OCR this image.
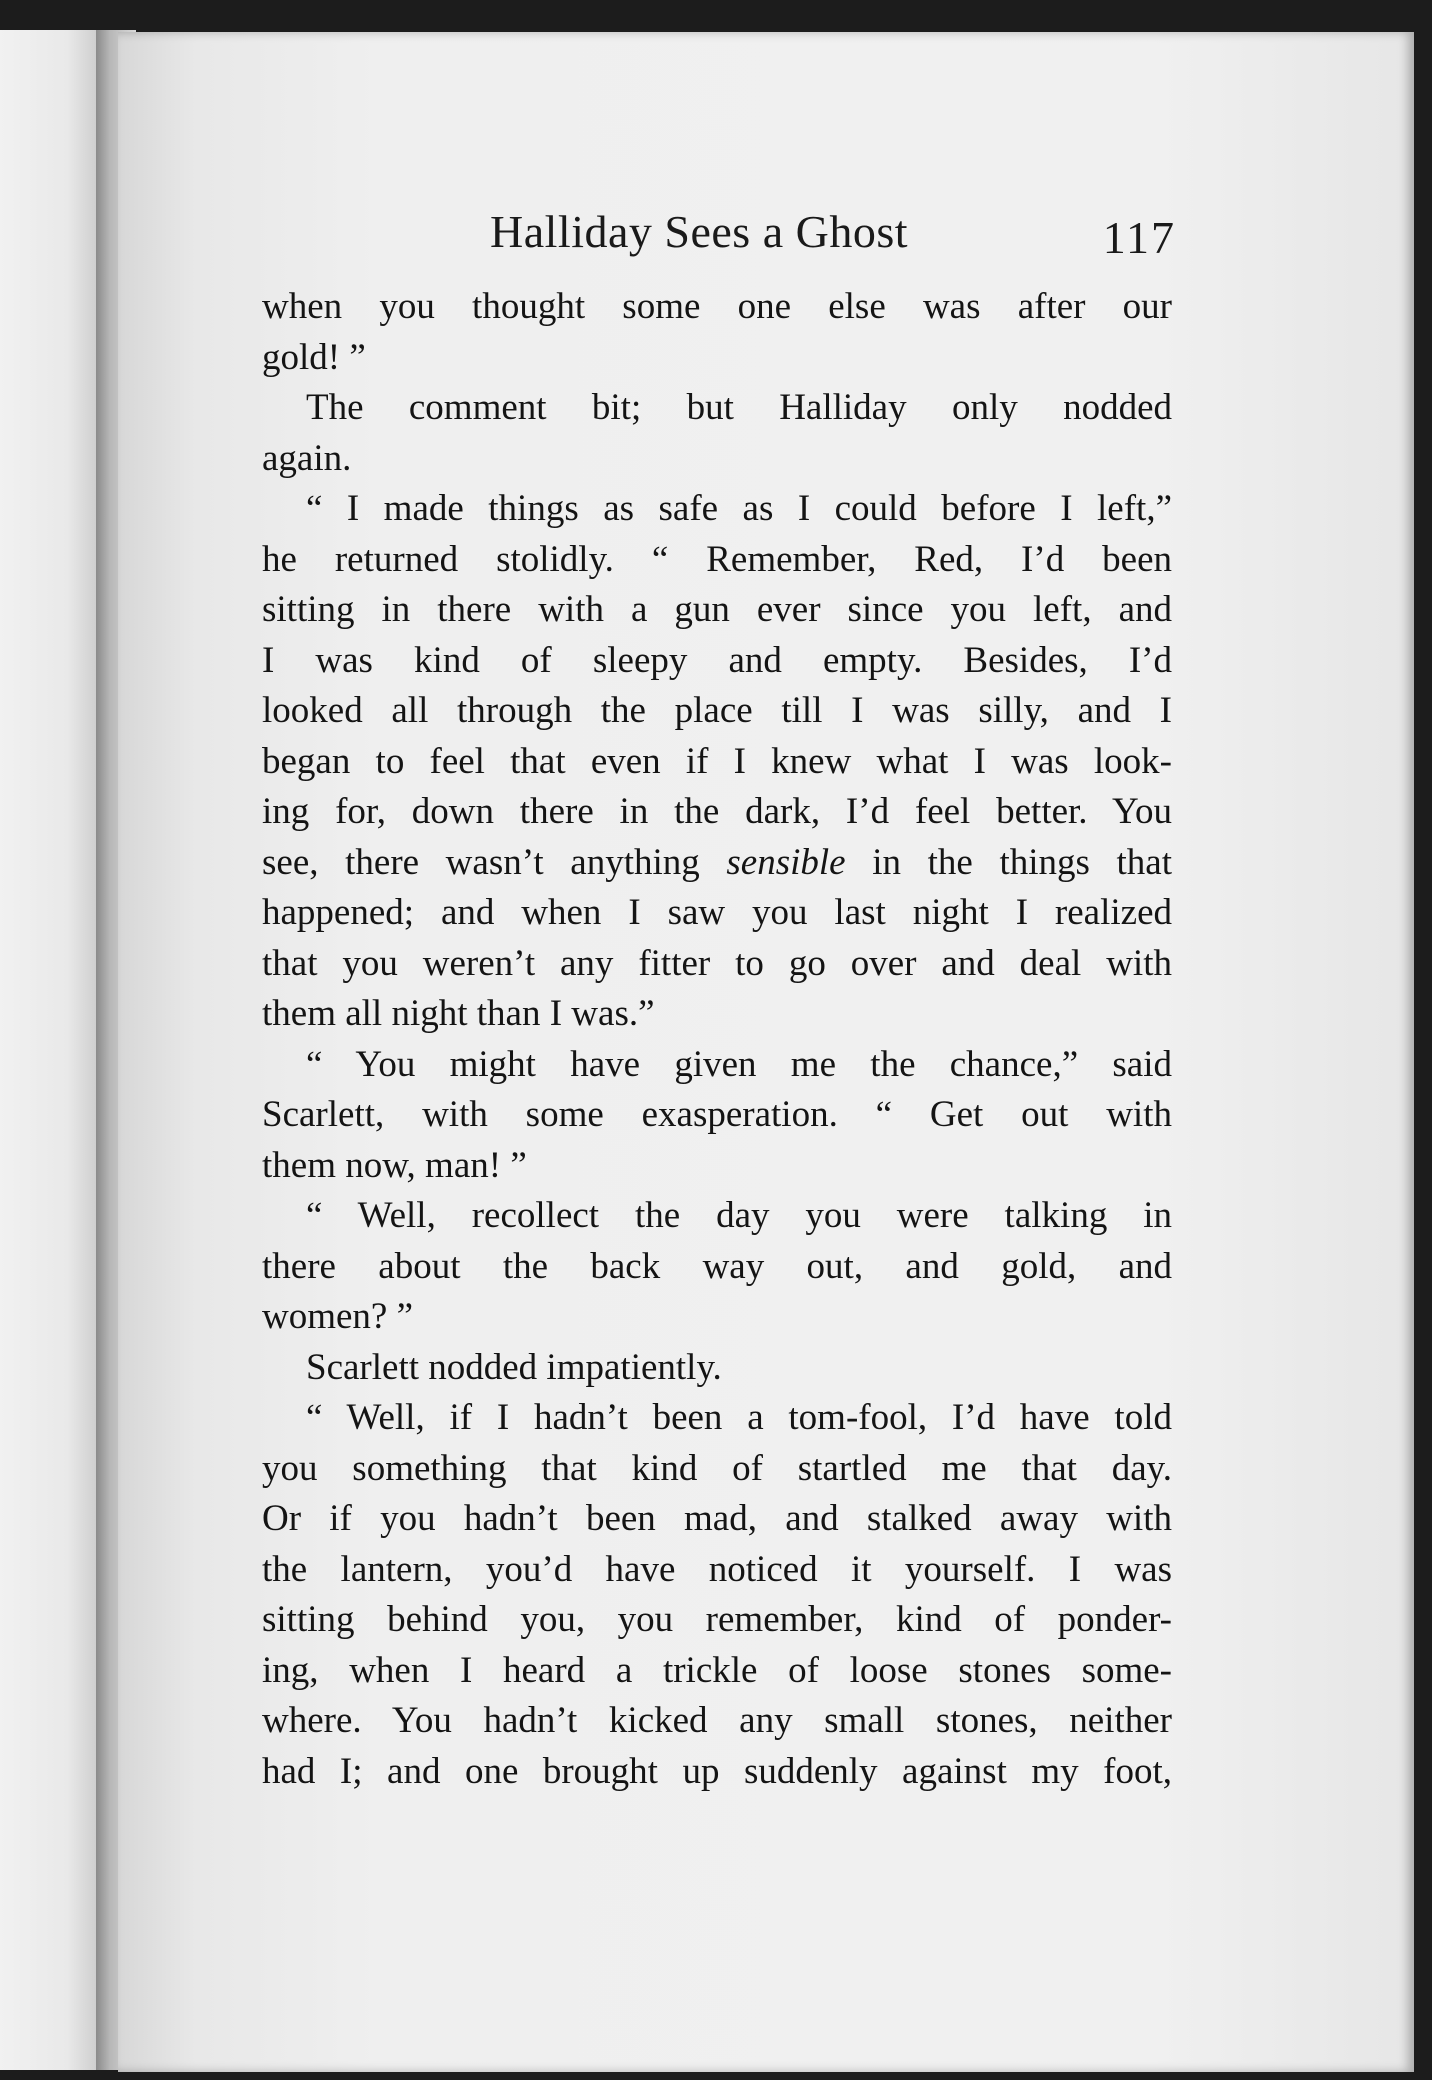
Halliday Sees a Ghost	117
when you thought some one else was after our
gold! ”
The comment bit; but Halliday only nodded
again.
“ I made things as safe as I could before I left,”
he returned stolidly. “ Remember, Red, I’d been
sitting in there with a gun ever since you left, and
I was kind of sleepy and empty. Besides, I’d
looked all through the place till I was silly, and I
began to feel that even if I knew what I was look-
ing for, down there in the dark, I’d feel better. You
see, there wasn’t anything sensible in the things that
happened; and when I saw you last night I realized
that you weren’t any fitter to go over and deal with
them all night than I was.”
“ You might have given me the chance,” said
Scarlett, with some exasperation. “ Get out with
them now, man! ”
“ Well, recollect the day you were talking in
there about the back way out, and gold, and
women? ”
Scarlett nodded impatiently.
“ Well, if I hadn’t been a tom-fool, I’d have told
you something that kind of startled me that day.
Or if you hadn’t been mad, and stalked away with
the lantern, you’d have noticed it yourself. I was
sitting behind you, you remember, kind of ponder-
ing, when I heard a trickle of loose stones some-
where. You hadn’t kicked any small stones, neither
had I; and one brought up suddenly against my foot,
